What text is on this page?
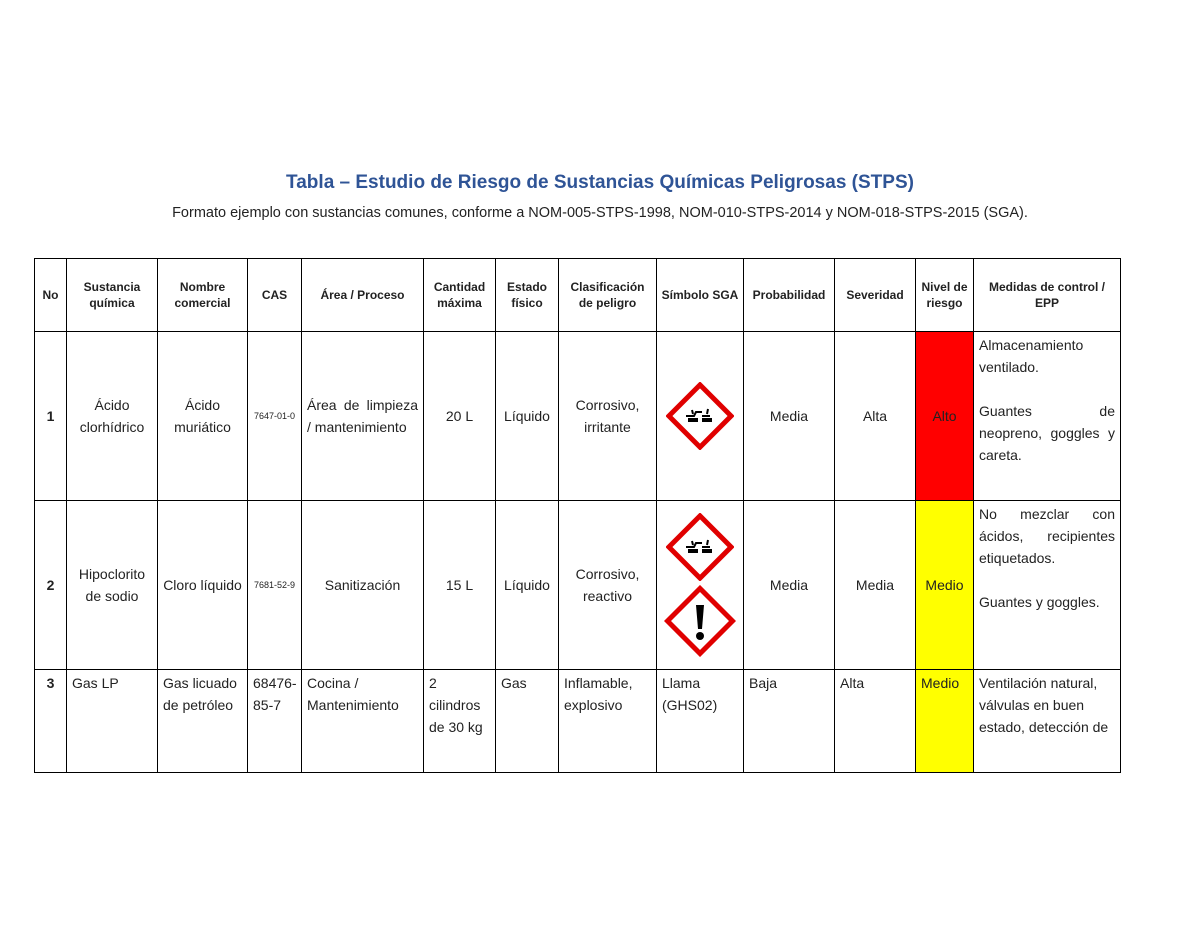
Tabla – Estudio de Riesgo de Sustancias Químicas Peligrosas (STPS)
Formato ejemplo con sustancias comunes, conforme a NOM-005-STPS-1998, NOM-010-STPS-2014 y NOM-018-STPS-2015 (SGA).
No	Sustancia química	Nombre comercial	CAS	Área / Proceso	Cantidad máxima	Estado físico	Clasificación de peligro	Símbolo SGA	Probabilidad	Severidad	Nivel de riesgo	Medidas de control / EPP
1	Ácido clorhídrico	Ácido muriático	7647-01-0	Área de limpieza / mantenimiento	20 L	Líquido	Corrosivo, irritante		Media	Alta	Alto	Almacenamiento ventilado.
Guantes de neopreno, goggles y careta.

2	Hipoclorito de sodio	Cloro líquido	7681-52-9	Sanitización	15 L	Líquido	Corrosivo, reactivo		Media	Media	Medio	No mezclar con ácidos, recipientes etiquetados.
Guantes y goggles.

3	Gas LP	Gas licuado de petróleo	68476-85-7	Cocina / Mantenimiento	2 cilindros de 30 kg	Gas	Inflamable, explosivo	Llama (GHS02)	Baja	Alta	Medio	Ventilación natural, válvulas en buen estado, detección de
